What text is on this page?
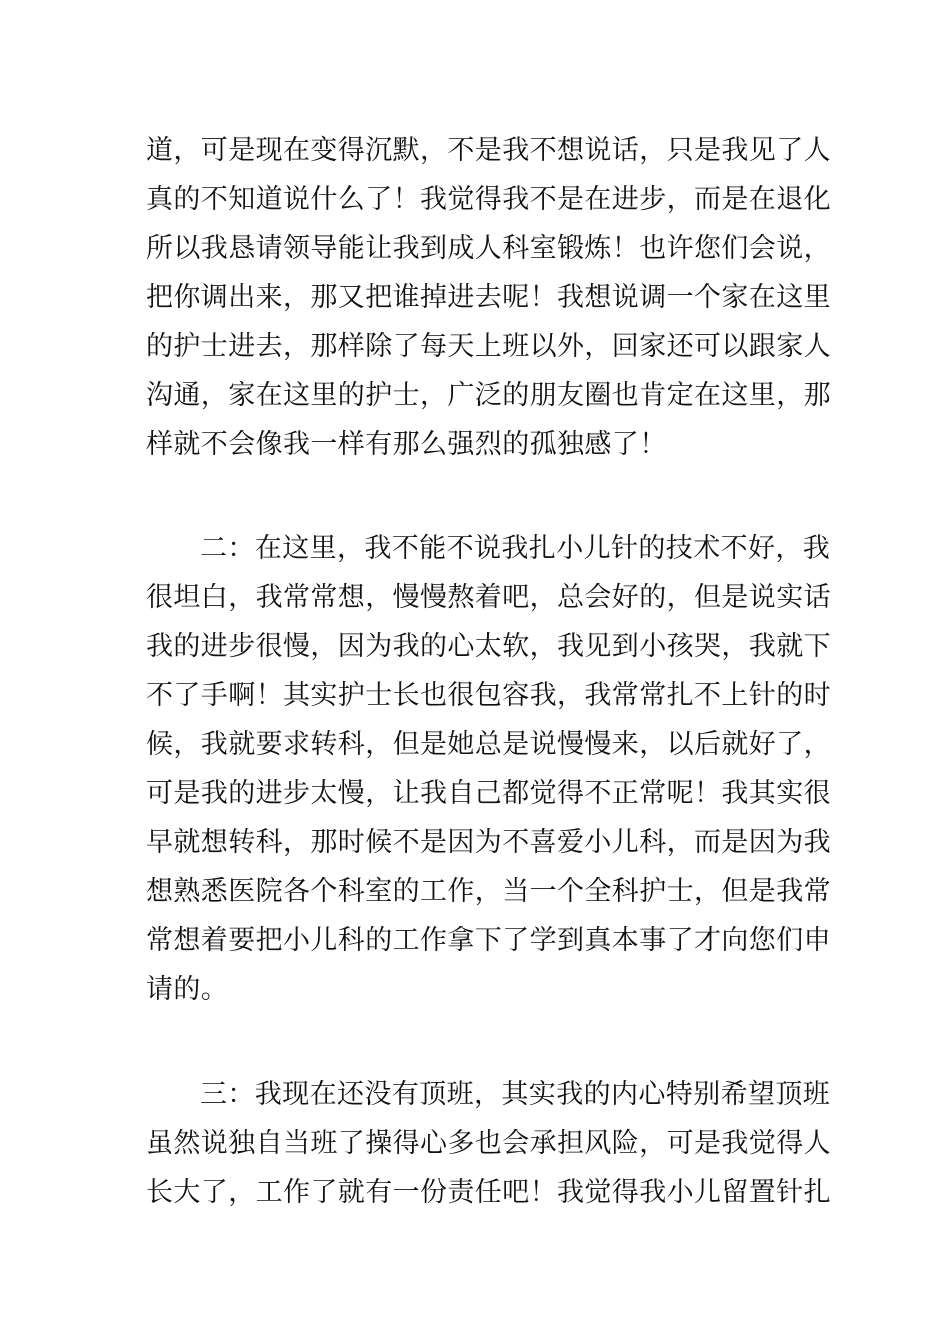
道，可是现在变得沉默，不是我不想说话，只是我见了人
真的不知道说什么了！我觉得我不是在进步，而是在退化
所以我恳请领导能让我到成人科室锻炼！也许您们会说，
把你调出来，那又把谁掉进去呢！我想说调一个家在这里
的护士进去，那样除了每天上班以外，回家还可以跟家人
沟通，家在这里的护士，广泛的朋友圈也肯定在这里，那
样就不会像我一样有那么强烈的孤独感了！
二：在这里，我不能不说我扎小儿针的技术不好，我
很坦白，我常常想，慢慢熬着吧，总会好的，但是说实话
我的进步很慢，因为我的心太软，我见到小孩哭，我就下
不了手啊！其实护士长也很包容我，我常常扎不上针的时
候，我就要求转科，但是她总是说慢慢来，以后就好了，
可是我的进步太慢，让我自己都觉得不正常呢！我其实很
早就想转科，那时候不是因为不喜爱小儿科，而是因为我
想熟悉医院各个科室的工作，当一个全科护士，但是我常
常想着要把小儿科的工作拿下了学到真本事了才向您们申
请的。
三：我现在还没有顶班，其实我的内心特别希望顶班
虽然说独自当班了操得心多也会承担风险，可是我觉得人
长大了，工作了就有一份责任吧！我觉得我小儿留置针扎
